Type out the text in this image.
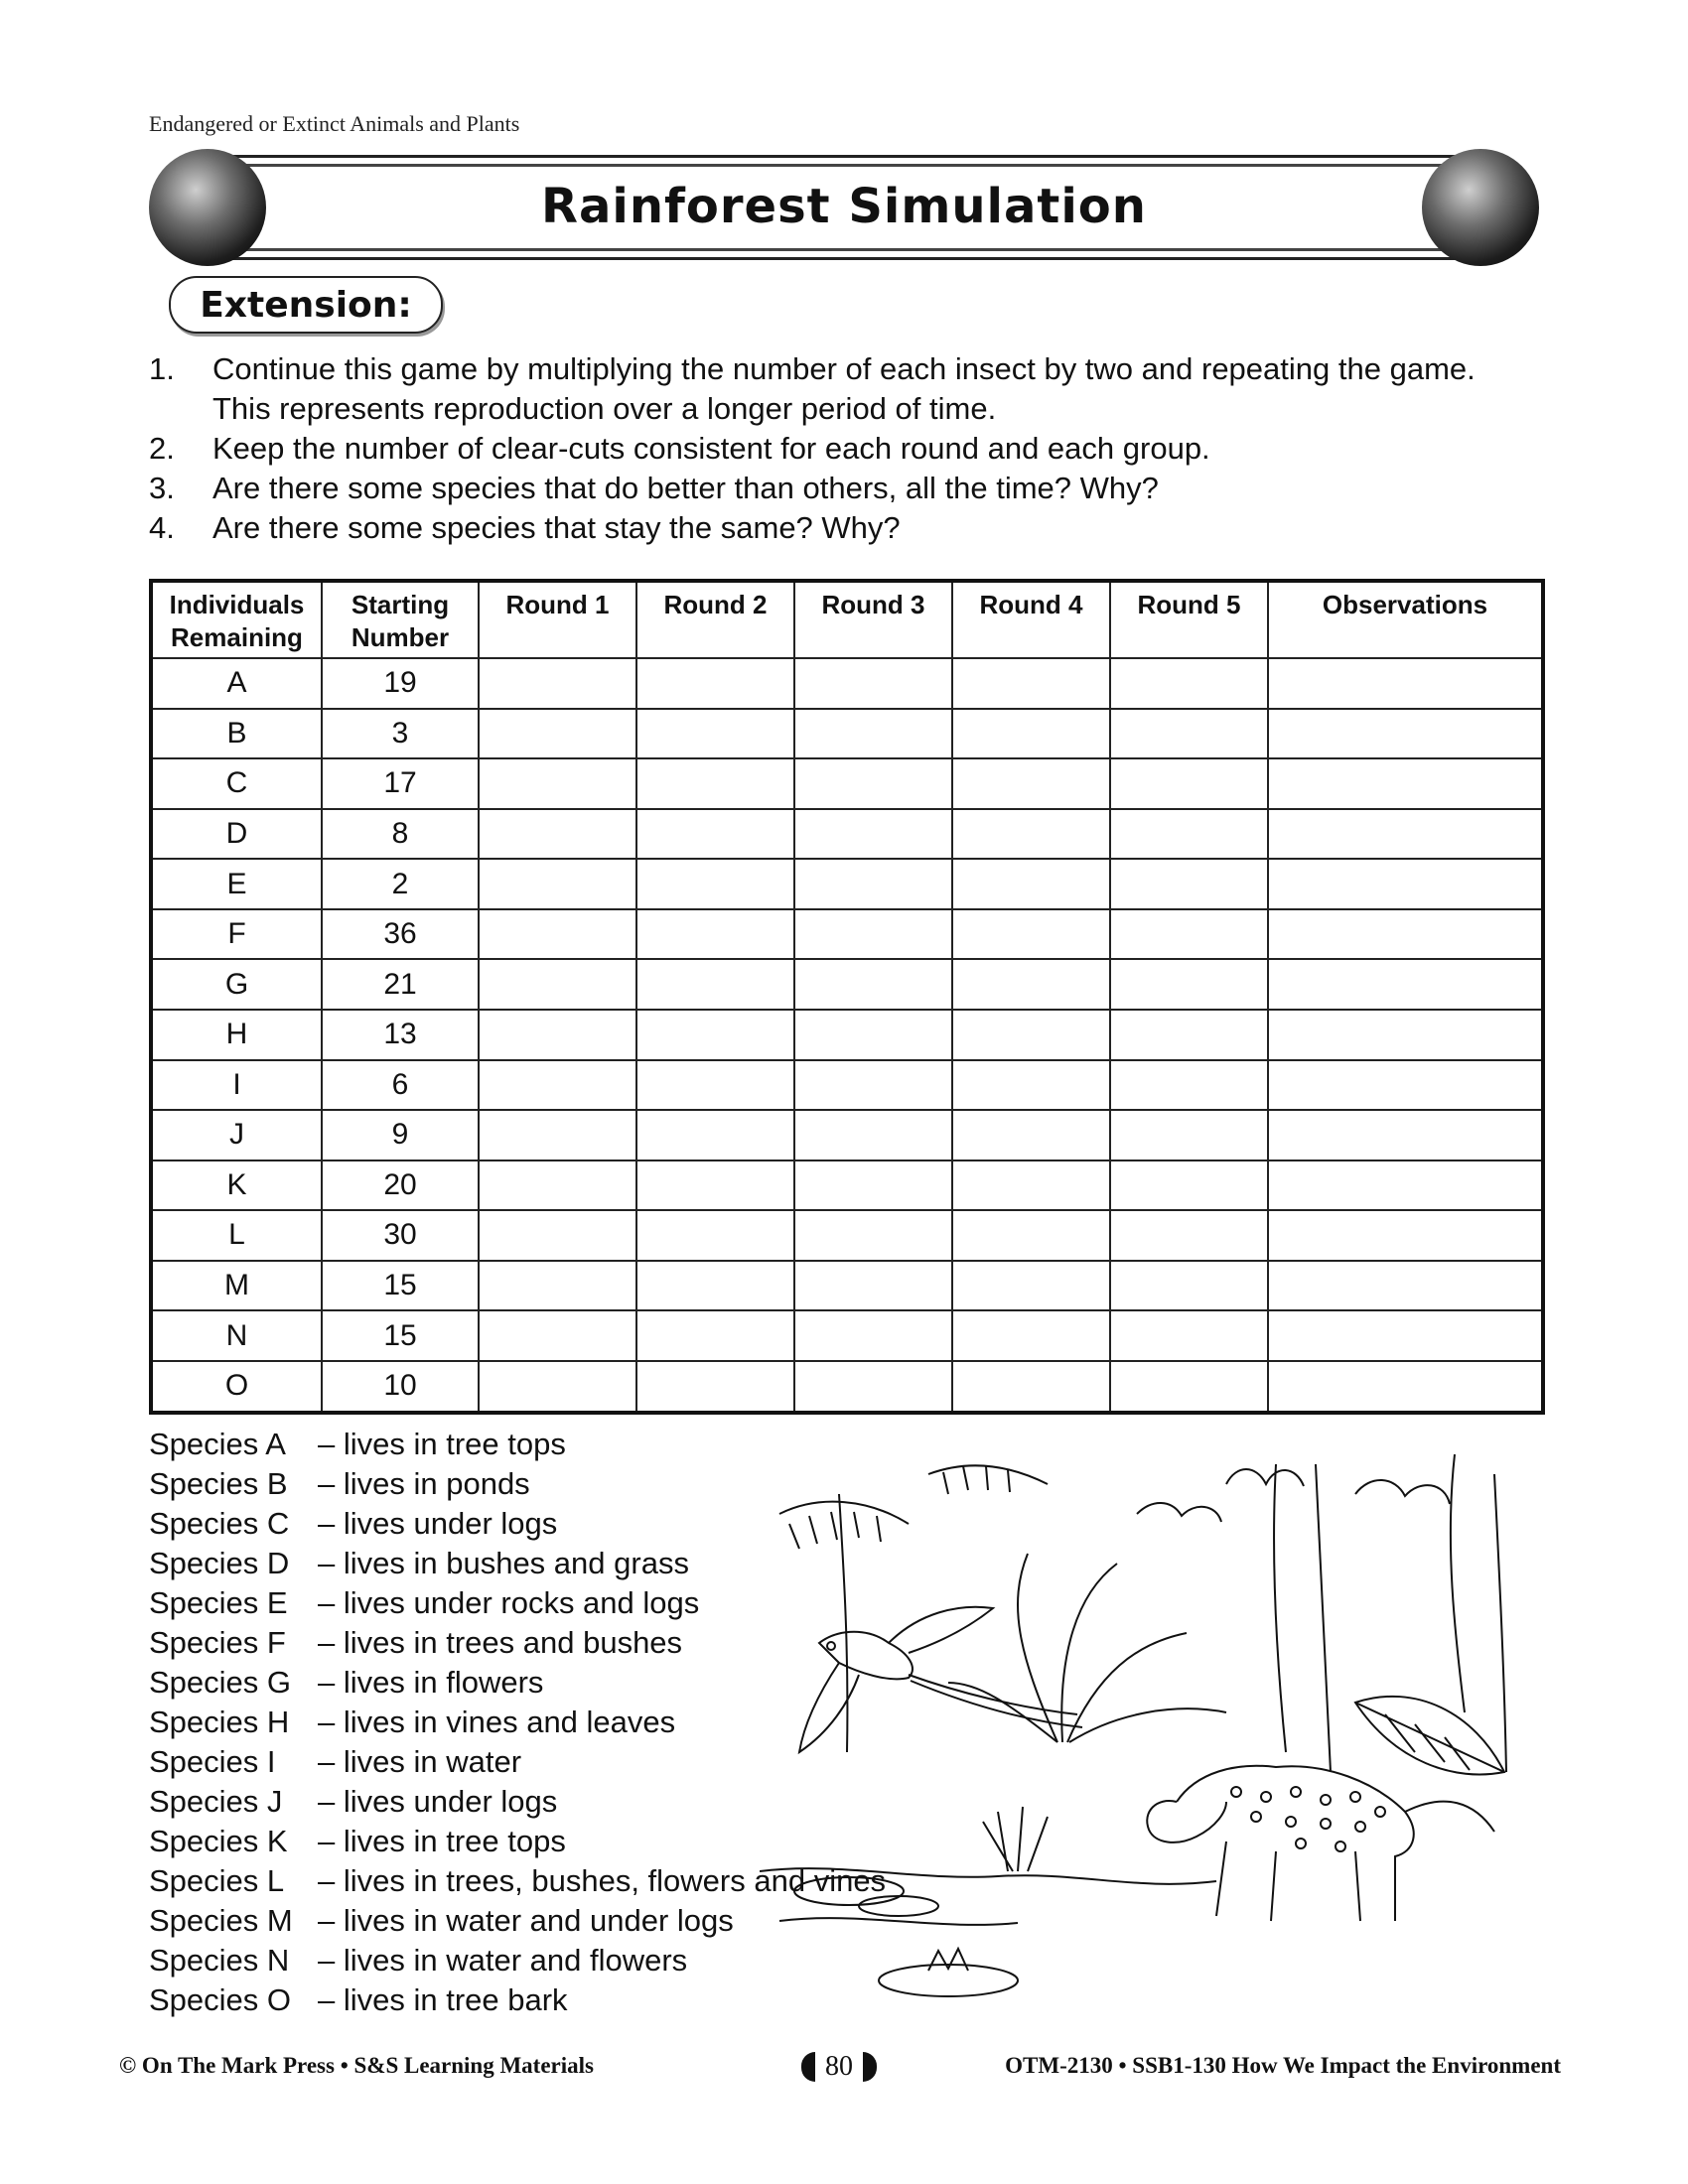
Endangered or Extinct Animals and Plants
Rainforest Simulation
Extension:
1.	Continue this game by multiplying the number of each insect by two and repeating the game. This represents reproduction over a longer period of time.
2.	Keep the number of clear-cuts consistent for each round and each group.
3.	Are there some species that do better than others, all the time? Why?
4.	Are there some species that stay the same? Why?
Individuals Remaining	Starting Number	Round 1	Round 2	Round 3	Round 4	Round 5	Observations
A	19						
B	3						
C	17						
D	8						
E	2						
F	36						
G	21						
H	13						
I	6						
J	9						
K	20						
L	30						
M	15						
N	15						
O	10						
Species A	– lives in tree tops
Species B – lives in ponds
Species C – lives under logs
Species D – lives in bushes and grass
Species E – lives under rocks and logs
Species F	– lives in trees and bushes
Species G – lives in flowers
Species H – lives in vines and leaves
Species I	– lives in water
Species J	– lives under logs
Species K – lives in tree tops
Species L	– lives in trees, bushes, flowers and vines
Species M – lives in water and under logs
Species N – lives in water and flowers
Species O – lives in tree bark
© On The Mark Press • S&S Learning Materials	80	OTM-2130 • SSB1-130 How We Impact the Environment
